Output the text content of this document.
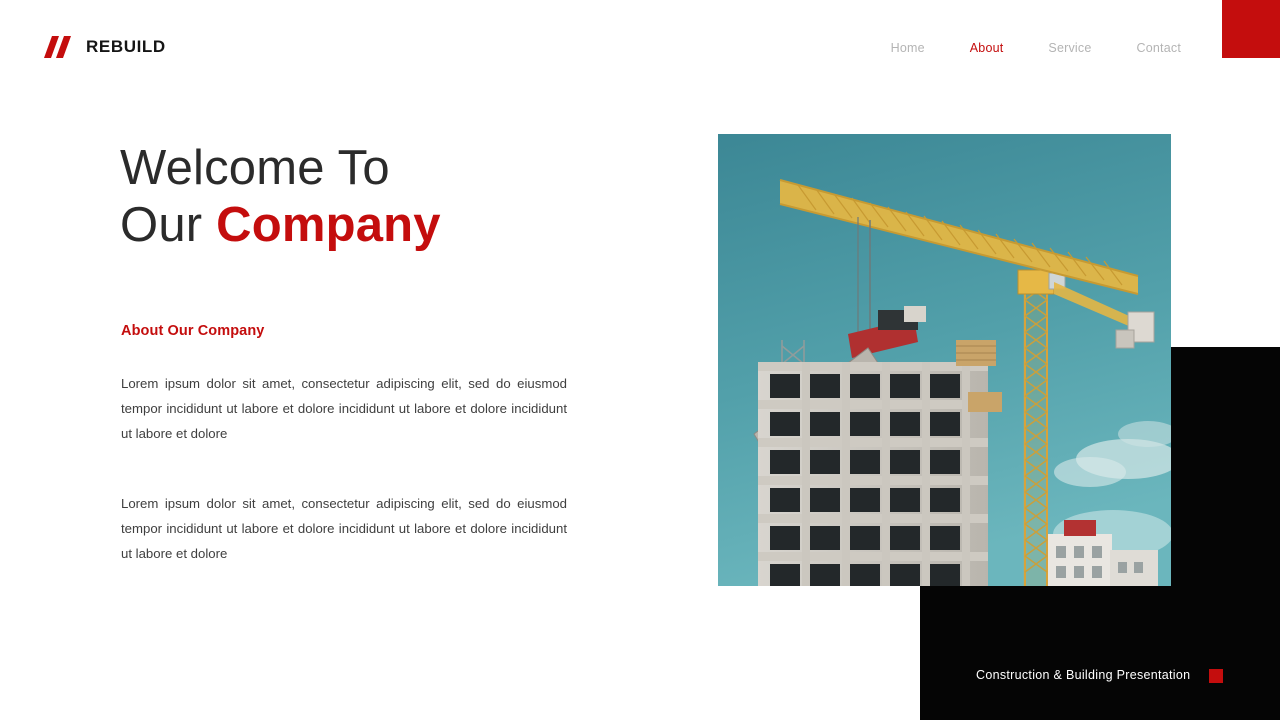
REBUILD	Home	About	Service	Contact
Welcome To
Our Company
About Our Company

Lorem ipsum dolor sit amet, consectetur adipiscing elit, sed do eiusmod tempor incididunt ut labore et dolore incididunt ut labore et dolore incididunt ut labore et dolore

Lorem ipsum dolor sit amet, consectetur adipiscing elit, sed do eiusmod tempor incididunt ut labore et dolore incididunt ut labore et dolore incididunt ut labore et dolore

Construction & Building Presentation
